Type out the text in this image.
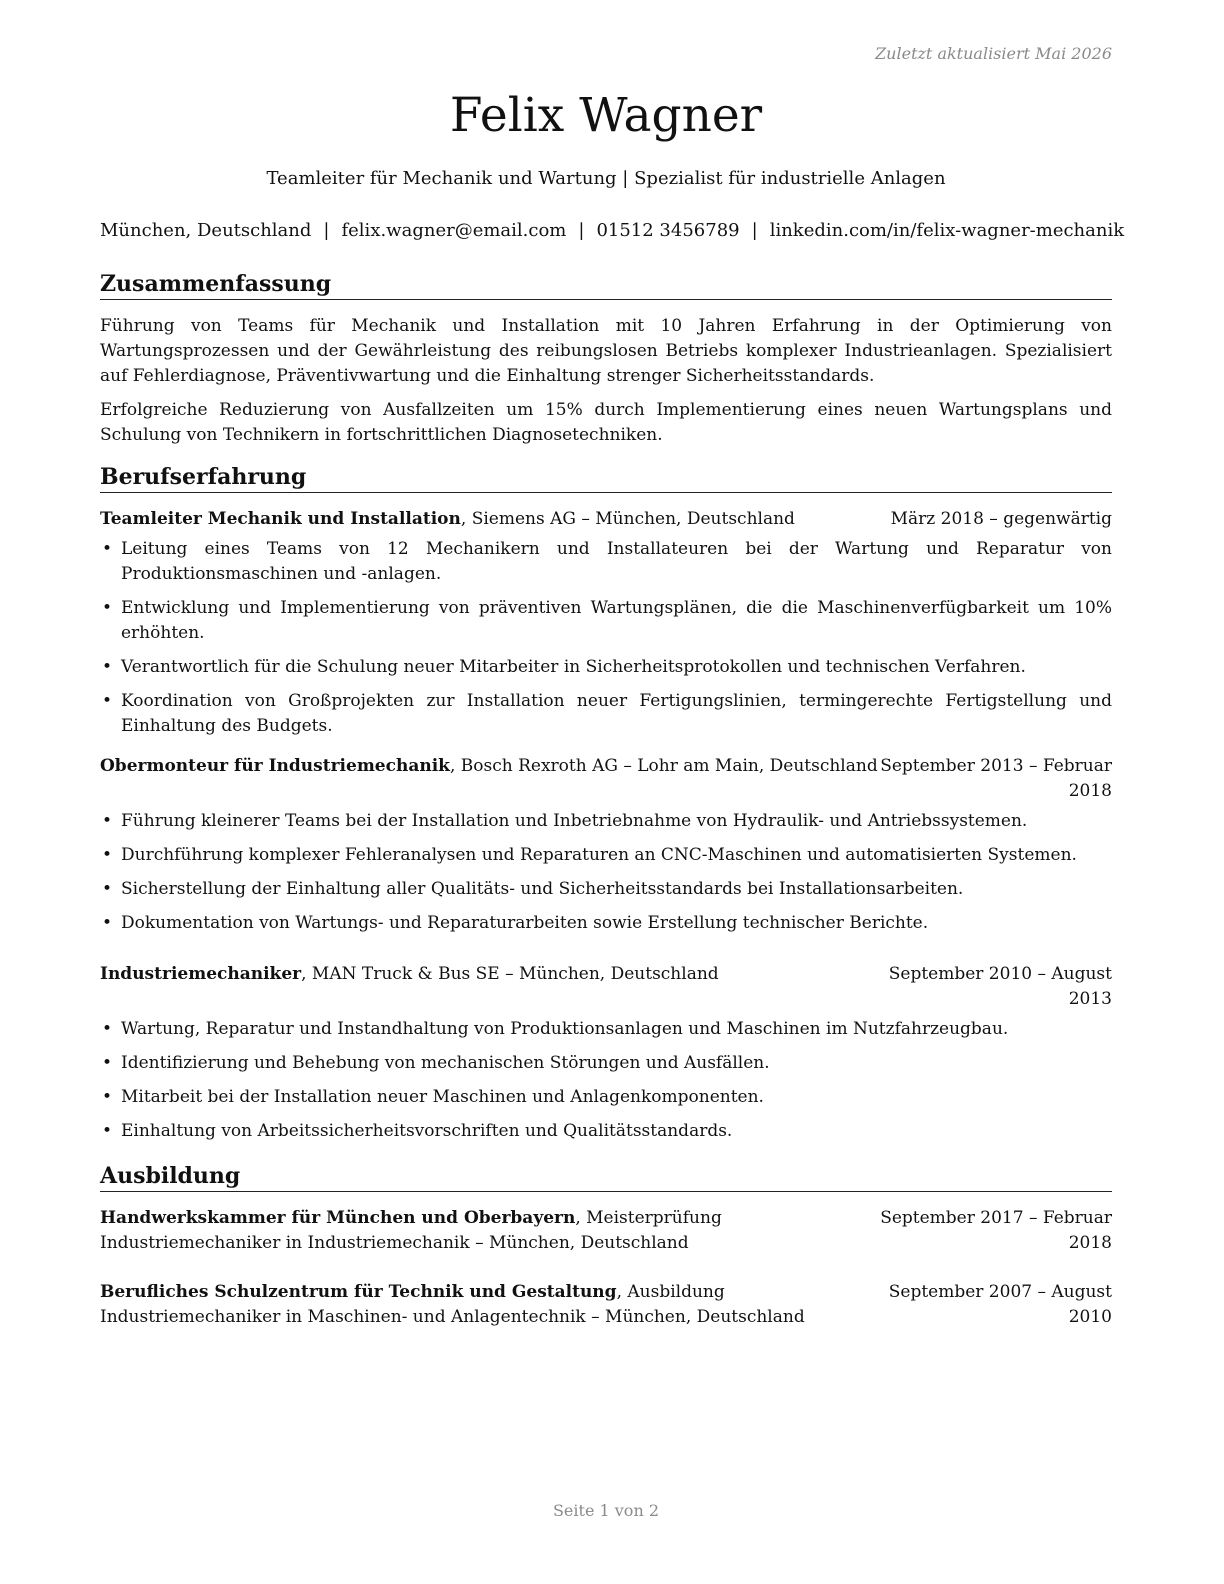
Zuletzt aktualisiert Mai 2026
Felix Wagner
Teamleiter für Mechanik und Wartung | Spezialist für industrielle Anlagen
München, Deutschland | felix.wagner@email.com | 01512 3456789 | linkedin.com/in/felix-wagner-mechanik
Zusammenfassung
Führung von Teams für Mechanik und Installation mit 10 Jahren Erfahrung in der Optimierung von Wartungsprozessen und der Gewährleistung des reibungslosen Betriebs komplexer Industrieanlagen. Spezialisiert auf Fehlerdiagnose, Präventivwartung und die Einhaltung strenger Sicherheitsstandards.
Erfolgreiche Reduzierung von Ausfallzeiten um 15% durch Implementierung eines neuen Wartungsplans und Schulung von Technikern in fortschrittlichen Diagnosetechniken.
Berufserfahrung
Teamleiter Mechanik und Installation, Siemens AG – München, Deutschland	März 2018 – gegenwärtig
• Leitung eines Teams von 12 Mechanikern und Installateuren bei der Wartung und Reparatur von Produktionsmaschinen und -anlagen.
• Entwicklung und Implementierung von präventiven Wartungsplänen, die die Maschinenverfügbarkeit um 10% erhöhten.
• Verantwortlich für die Schulung neuer Mitarbeiter in Sicherheitsprotokollen und technischen Verfahren.
• Koordination von Großprojekten zur Installation neuer Fertigungslinien, termingerechte Fertigstellung und Einhaltung des Budgets.
Obermonteur für Industriemechanik, Bosch Rexroth AG – Lohr am Main, Deutschland September 2013 – Februar 2018
• Führung kleinerer Teams bei der Installation und Inbetriebnahme von Hydraulik- und Antriebssystemen.
• Durchführung komplexer Fehleranalysen und Reparaturen an CNC-Maschinen und automatisierten Systemen.
• Sicherstellung der Einhaltung aller Qualitäts- und Sicherheitsstandards bei Installationsarbeiten.
• Dokumentation von Wartungs- und Reparaturarbeiten sowie Erstellung technischer Berichte.
Industriemechaniker, MAN Truck & Bus SE – München, Deutschland	September 2010 – August 2013
• Wartung, Reparatur und Instandhaltung von Produktionsanlagen und Maschinen im Nutzfahrzeugbau.
• Identifizierung und Behebung von mechanischen Störungen und Ausfällen.
• Mitarbeit bei der Installation neuer Maschinen und Anlagenkomponenten.
• Einhaltung von Arbeitssicherheitsvorschriften und Qualitätsstandards.
Ausbildung
Handwerkskammer für München und Oberbayern, Meisterprüfung Industriemechaniker in Industriemechanik – München, Deutschland
September 2017 – Februar 2018
Berufliches Schulzentrum für Technik und Gestaltung, Ausbildung Industriemechaniker in Maschinen- und Anlagentechnik – München, Deutschland
September 2007 – August 2010
Seite 1 von 2
